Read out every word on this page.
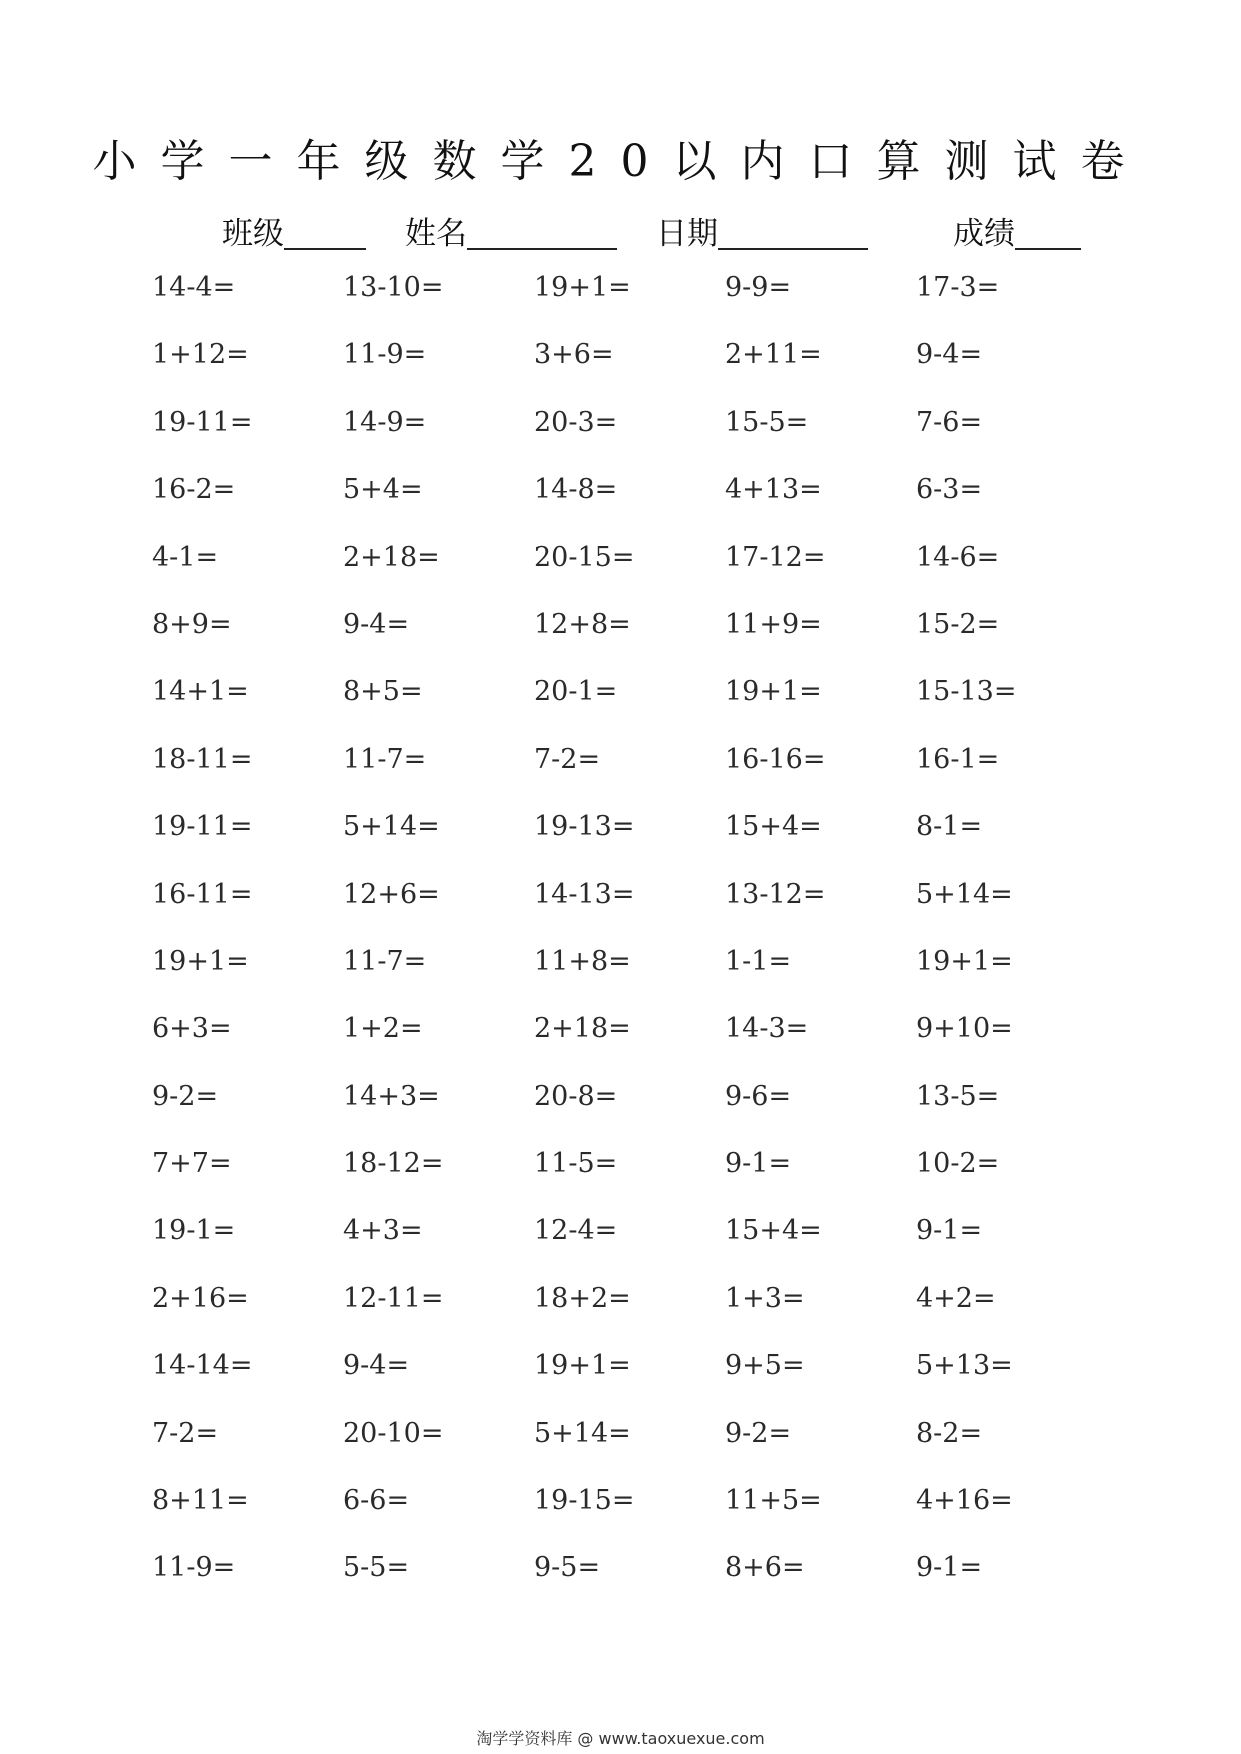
小学一年级数学20以内口算测试卷
班级	姓名	日期	成绩
14-4=	13-10=	19+1=	9-9=	17-3=
1+12=	11-9=	3+6=	2+11=	9-4=
19-11=	14-9=	20-3=	15-5=	7-6=
16-2=	5+4=	14-8=	4+13=	6-3=
4-1=	2+18=	20-15=	17-12=	14-6=
8+9=	9-4=	12+8=	11+9=	15-2=
14+1=	8+5=	20-1=	19+1=	15-13=
18-11=	11-7=	7-2=	16-16=	16-1=
19-11=	5+14=	19-13=	15+4=	8-1=
16-11=	12+6=	14-13=	13-12=	5+14=
19+1=	11-7=	11+8=	1-1=	19+1=
6+3=	1+2=	2+18=	14-3=	9+10=
9-2=	14+3=	20-8=	9-6=	13-5=
7+7=	18-12=	11-5=	9-1=	10-2=
19-1=	4+3=	12-4=	15+4=	9-1=
2+16=	12-11=	18+2=	1+3=	4+2=
14-14=	9-4=	19+1=	9+5=	5+13=
7-2=	20-10=	5+14=	9-2=	8-2=
8+11=	6-6=	19-15=	11+5=	4+16=
11-9=	5-5=	9-5=	8+6=	9-1=
淘学学资料库 @ www.taoxuexue.com
